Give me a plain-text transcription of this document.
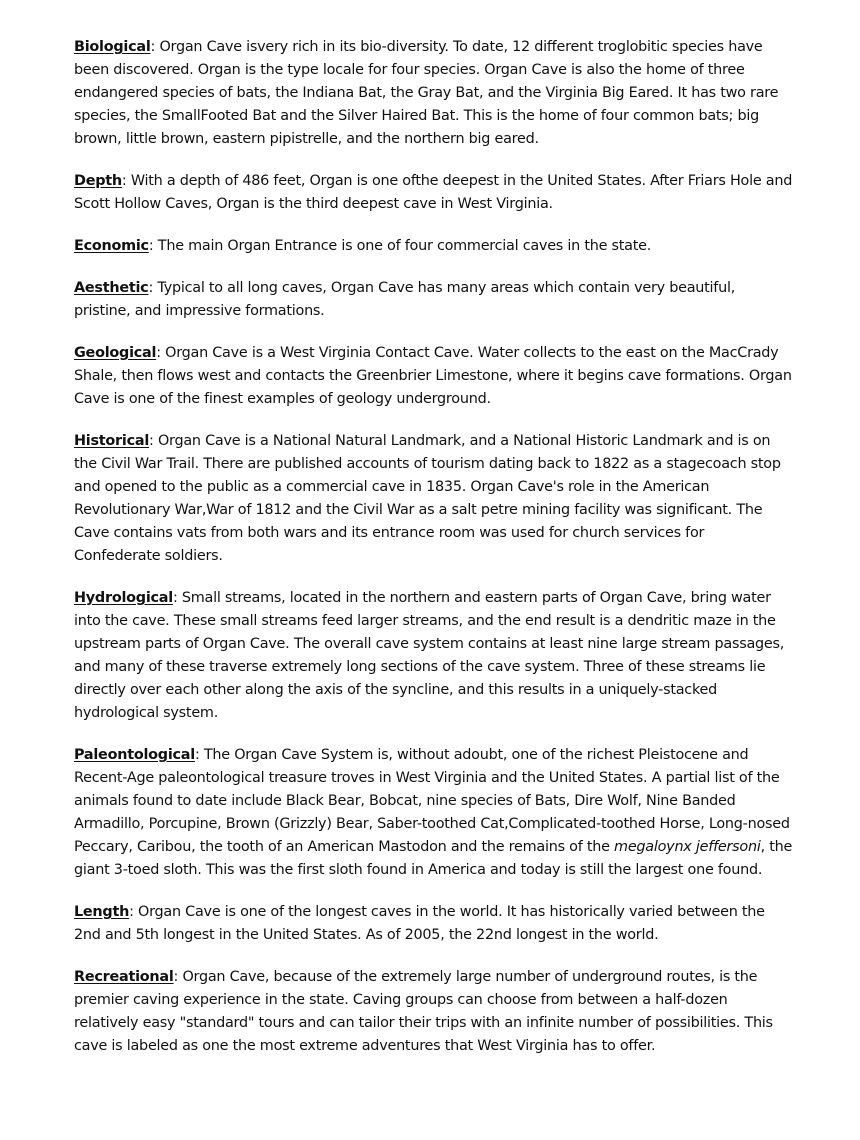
Biological: Organ Cave isvery rich in its bio-diversity. To date, 12 different troglobitic species have been discovered. Organ is the type locale for four species. Organ Cave is also the home of three endangered species of bats, the Indiana Bat, the Gray Bat, and the Virginia Big Eared. It has two rare species, the SmallFooted Bat and the Silver Haired Bat. This is the home of four common bats; big brown, little brown, eastern pipistrelle, and the northern big eared.

Depth: With a depth of 486 feet, Organ is one ofthe deepest in the United States. After Friars Hole and Scott Hollow Caves, Organ is the third deepest cave in West Virginia.

Economic: The main Organ Entrance is one of four commercial caves in the state.

Aesthetic: Typical to all long caves, Organ Cave has many areas which contain very beautiful, pristine, and impressive formations.

Geological: Organ Cave is a West Virginia Contact Cave. Water collects to the east on the MacCrady Shale, then flows west and contacts the Greenbrier Limestone, where it begins cave formations. Organ Cave is one of the finest examples of geology underground.

Historical: Organ Cave is a National Natural Landmark, and a National Historic Landmark and is on the Civil War Trail. There are published accounts of tourism dating back to 1822 as a stagecoach stop and opened to the public as a commercial cave in 1835. Organ Cave's role in the American Revolutionary War,War of 1812 and the Civil War as a salt petre mining facility was significant. The Cave contains vats from both wars and its entrance room was used for church services for Confederate soldiers.

Hydrological: Small streams, located in the northern and eastern parts of Organ Cave, bring water into the cave. These small streams feed larger streams, and the end result is a dendritic maze in the upstream parts of Organ Cave. The overall cave system contains at least nine large stream passages, and many of these traverse extremely long sections of the cave system. Three of these streams lie directly over each other along the axis of the syncline, and this results in a uniquely-stacked hydrological system.

Paleontological: The Organ Cave System is, without adoubt, one of the richest Pleistocene and Recent-Age paleontological treasure troves in West Virginia and the United States. A partial list of the animals found to date include Black Bear, Bobcat, nine species of Bats, Dire Wolf, Nine Banded Armadillo, Porcupine, Brown (Grizzly) Bear, Saber-toothed Cat,Complicated-toothed Horse, Long-nosed Peccary, Caribou, the tooth of an American Mastodon and the remains of the megaloynx jeffersoni, the giant 3-toed sloth. This was the first sloth found in America and today is still the largest one found.

Length: Organ Cave is one of the longest caves in the world. It has historically varied between the 2nd and 5th longest in the United States. As of 2005, the 22nd longest in the world.

Recreational: Organ Cave, because of the extremely large number of underground routes, is the premier caving experience in the state. Caving groups can choose from between a half-dozen relatively easy "standard" tours and can tailor their trips with an infinite number of possibilities. This cave is labeled as one the most extreme adventures that West Virginia has to offer.
